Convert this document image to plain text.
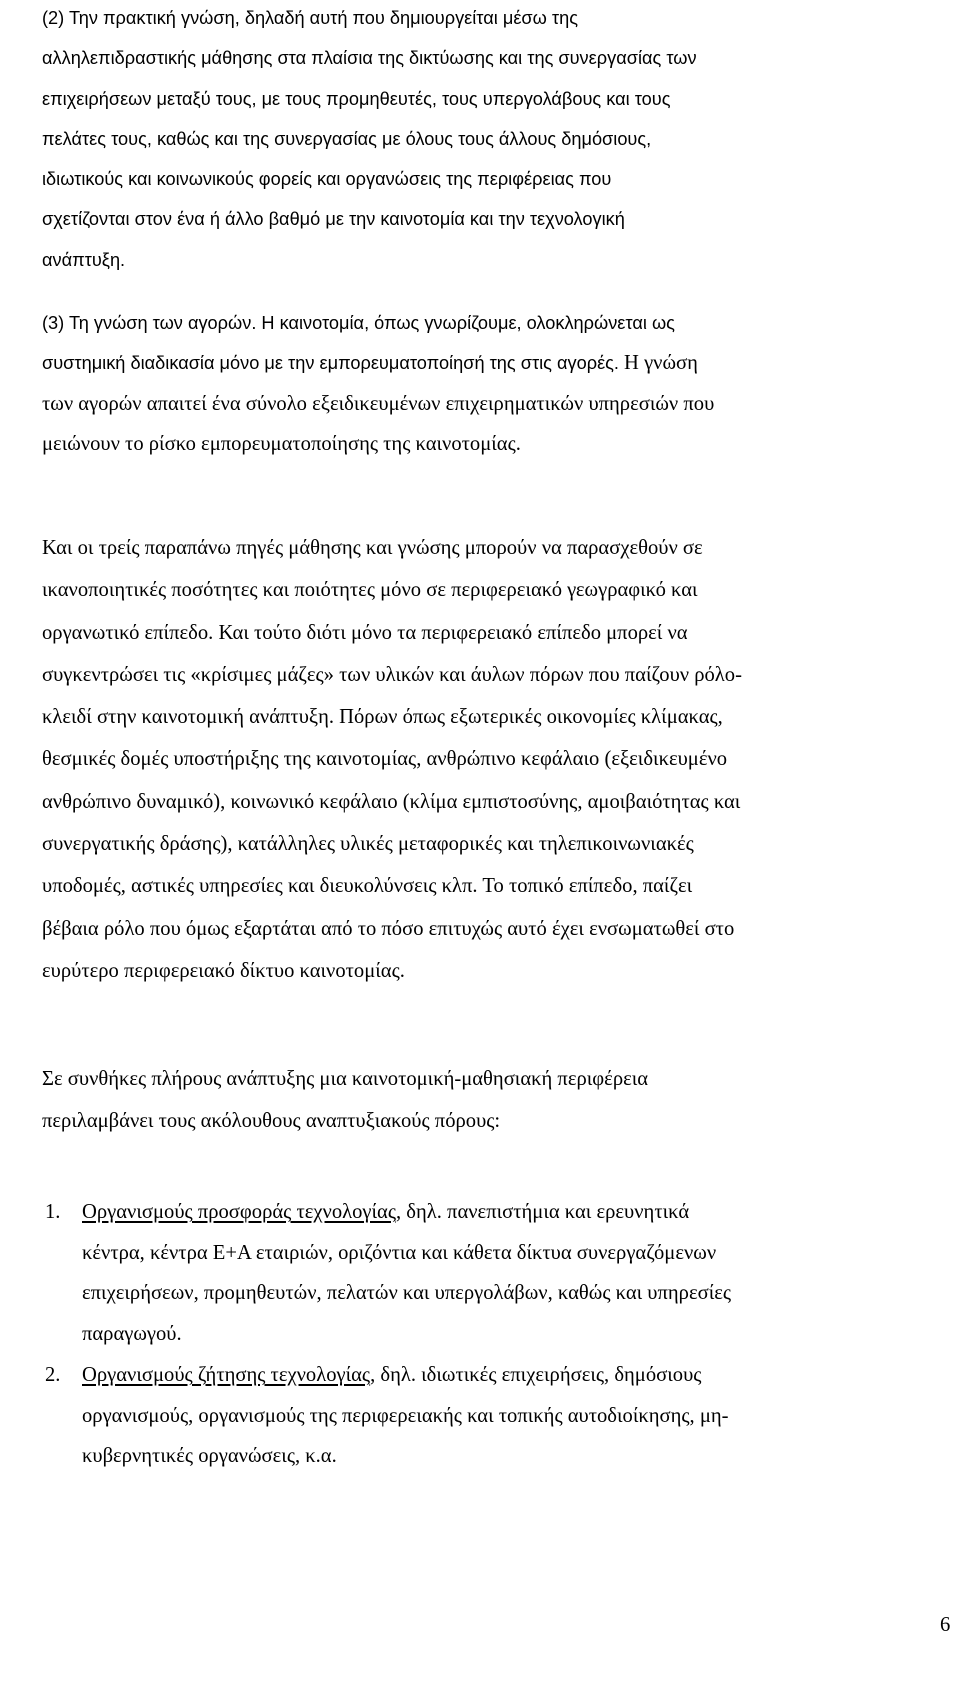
(2) Την πρακτική γνώση, δηλαδή αυτή που δημιουργείται μέσω της
αλληλεπιδραστικής μάθησης στα πλαίσια της δικτύωσης και της συνεργασίας των
επιχειρήσεων μεταξύ τους, με τους προμηθευτές, τους υπεργολάβους και τους
πελάτες τους, καθώς και της συνεργασίας με όλους τους άλλους δημόσιους,
ιδιωτικούς και κοινωνικούς φορείς και οργανώσεις της περιφέρειας που
σχετίζονται στον ένα ή άλλο βαθμό με την καινοτομία και την τεχνολογική
ανάπτυξη.
(3) Τη γνώση των αγορών. Η καινοτομία, όπως γνωρίζουμε, ολοκληρώνεται ως
συστημική διαδικασία μόνο με την εμπορευματοποίησή της στις αγορές. Η γνώση
των αγορών απαιτεί ένα σύνολο εξειδικευμένων επιχειρηματικών υπηρεσιών που
μειώνουν το ρίσκο εμπορευματοποίησης της καινοτομίας.
Και οι τρείς παραπάνω πηγές μάθησης και γνώσης μπορούν να παρασχεθούν σε
ικανοποιητικές ποσότητες και ποιότητες μόνο σε περιφερειακό γεωγραφικό και
οργανωτικό επίπεδο. Και τούτο διότι μόνο τα περιφερειακό επίπεδο μπορεί να
συγκεντρώσει τις «κρίσιμες μάζες» των υλικών και άυλων πόρων που παίζουν ρόλο-
κλειδί στην καινοτομική ανάπτυξη. Πόρων όπως εξωτερικές οικονομίες κλίμακας,
θεσμικές δομές υποστήριξης της καινοτομίας, ανθρώπινο κεφάλαιο (εξειδικευμένο
ανθρώπινο δυναμικό), κοινωνικό κεφάλαιο (κλίμα εμπιστοσύνης, αμοιβαιότητας και
συνεργατικής δράσης), κατάλληλες υλικές μεταφορικές και τηλεπικοινωνιακές
υποδομές, αστικές υπηρεσίες και διευκολύνσεις κλπ. Το τοπικό επίπεδο, παίζει
βέβαια ρόλο που όμως εξαρτάται από το πόσο επιτυχώς αυτό έχει ενσωματωθεί στο
ευρύτερο περιφερειακό δίκτυο καινοτομίας.
Σε συνθήκες πλήρους ανάπτυξης μια καινοτομική-μαθησιακή περιφέρεια
περιλαμβάνει τους ακόλουθους αναπτυξιακούς πόρους:
1. Οργανισμούς προσφοράς τεχνολογίας, δηλ. πανεπιστήμια και ερευνητικά
κέντρα, κέντρα Ε+Α εταιριών, οριζόντια και κάθετα δίκτυα συνεργαζόμενων
επιχειρήσεων, προμηθευτών, πελατών και υπεργολάβων, καθώς και υπηρεσίες
παραγωγού.
2. Οργανισμούς ζήτησης τεχνολογίας, δηλ. ιδιωτικές επιχειρήσεις, δημόσιους
οργανισμούς, οργανισμούς της περιφερειακής και τοπικής αυτοδιοίκησης, μη-
κυβερνητικές οργανώσεις, κ.α.
6
